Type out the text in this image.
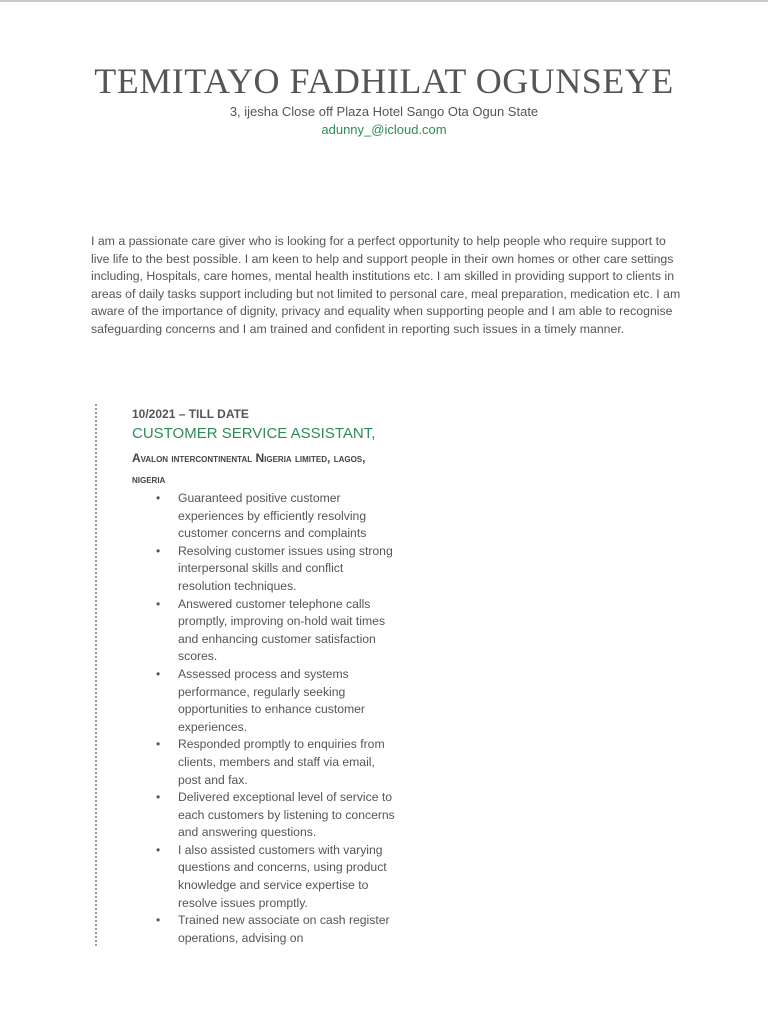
TEMITAYO FADHILAT OGUNSEYE
3, ijesha Close off Plaza Hotel Sango Ota Ogun State
adunny_@icloud.com

I am a passionate care giver who is looking for a perfect opportunity to help people who require support to live life to the best possible. I am keen to help and support people in their own homes or other care settings including, Hospitals, care homes, mental health institutions etc. I am skilled in providing support to clients in areas of daily tasks support including but not limited to personal care, meal preparation, medication etc. I am aware of the importance of dignity, privacy and equality when supporting people and I am able to recognise safeguarding concerns and I am trained and confident in reporting such issues in a timely manner.

10/2021 – TILL DATE
CUSTOMER SERVICE ASSISTANT,
Avalon intercontinental Nigeria limited, lagos, nigeria
• Guaranteed positive customer experiences by efficiently resolving customer concerns and complaints
• Resolving customer issues using strong interpersonal skills and conflict resolution techniques.
• Answered customer telephone calls promptly, improving on-hold wait times and enhancing customer satisfaction scores.
• Assessed process and systems performance, regularly seeking opportunities to enhance customer experiences.
• Responded promptly to enquiries from clients, members and staff via email, post and fax.
• Delivered exceptional level of service to each customers by listening to concerns and answering questions.
• I also assisted customers with varying questions and concerns, using product knowledge and service expertise to resolve issues promptly.
• Trained new associate on cash register operations, advising on
